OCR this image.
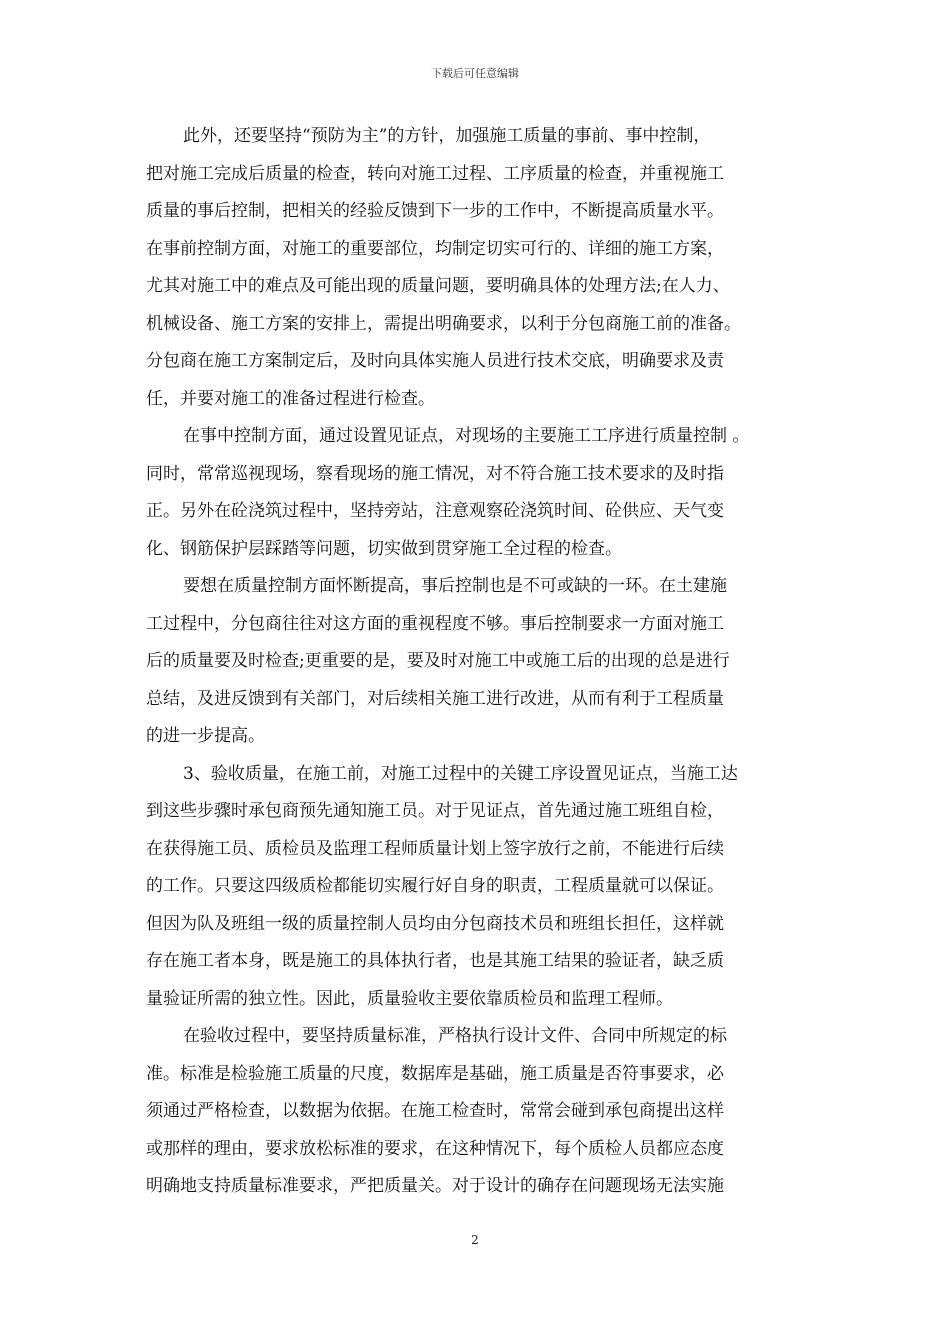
下载后可任意编辑
此外，还要坚持“预防为主”的方针，加强施工质量的事前、事中控制，
把对施工完成后质量的检查，转向对施工过程、工序质量的检查，并重视施工
质量的事后控制，把相关的经验反馈到下一步的工作中，不断提高质量水平。
在事前控制方面，对施工的重要部位，均制定切实可行的、详细的施工方案，
尤其对施工中的难点及可能出现的质量问题，要明确具体的处理方法;在人力、
机械设备、施工方案的安排上，需提出明确要求，以利于分包商施工前的准备。
分包商在施工方案制定后，及时向具体实施人员进行技术交底，明确要求及责
任，并要对施工的准备过程进行检查。
在事中控制方面，通过设置见证点，对现场的主要施工工序进行质量控制 。
同时，常常巡视现场，察看现场的施工情况，对不符合施工技术要求的及时指
正。另外在砼浇筑过程中，坚持旁站，注意观察砼浇筑时间、砼供应、天气变
化、钢筋保护层踩踏等问题，切实做到贯穿施工全过程的检查。
要想在质量控制方面怀断提高，事后控制也是不可或缺的一环。在土建施
工过程中，分包商往往对这方面的重视程度不够。事后控制要求一方面对施工
后的质量要及时检查;更重要的是，要及时对施工中或施工后的出现的总是进行
总结，及进反馈到有关部门，对后续相关施工进行改进，从而有利于工程质量
的进一步提高。
3、验收质量，在施工前，对施工过程中的关键工序设置见证点，当施工达
到这些步骤时承包商预先通知施工员。对于见证点，首先通过施工班组自检，
在获得施工员、质检员及监理工程师质量计划上签字放行之前，不能进行后续
的工作。只要这四级质检都能切实履行好自身的职责，工程质量就可以保证。
但因为队及班组一级的质量控制人员均由分包商技术员和班组长担任，这样就
存在施工者本身，既是施工的具体执行者，也是其施工结果的验证者，缺乏质
量验证所需的独立性。因此，质量验收主要依靠质检员和监理工程师。
在验收过程中，要坚持质量标准，严格执行设计文件、合同中所规定的标
准。标准是检验施工质量的尺度，数据库是基础，施工质量是否符事要求，必
须通过严格检查，以数据为依据。在施工检查时，常常会碰到承包商提出这样
或那样的理由，要求放松标准的要求，在这种情况下，每个质检人员都应态度
明确地支持质量标准要求，严把质量关。对于设计的确存在问题现场无法实施
2
